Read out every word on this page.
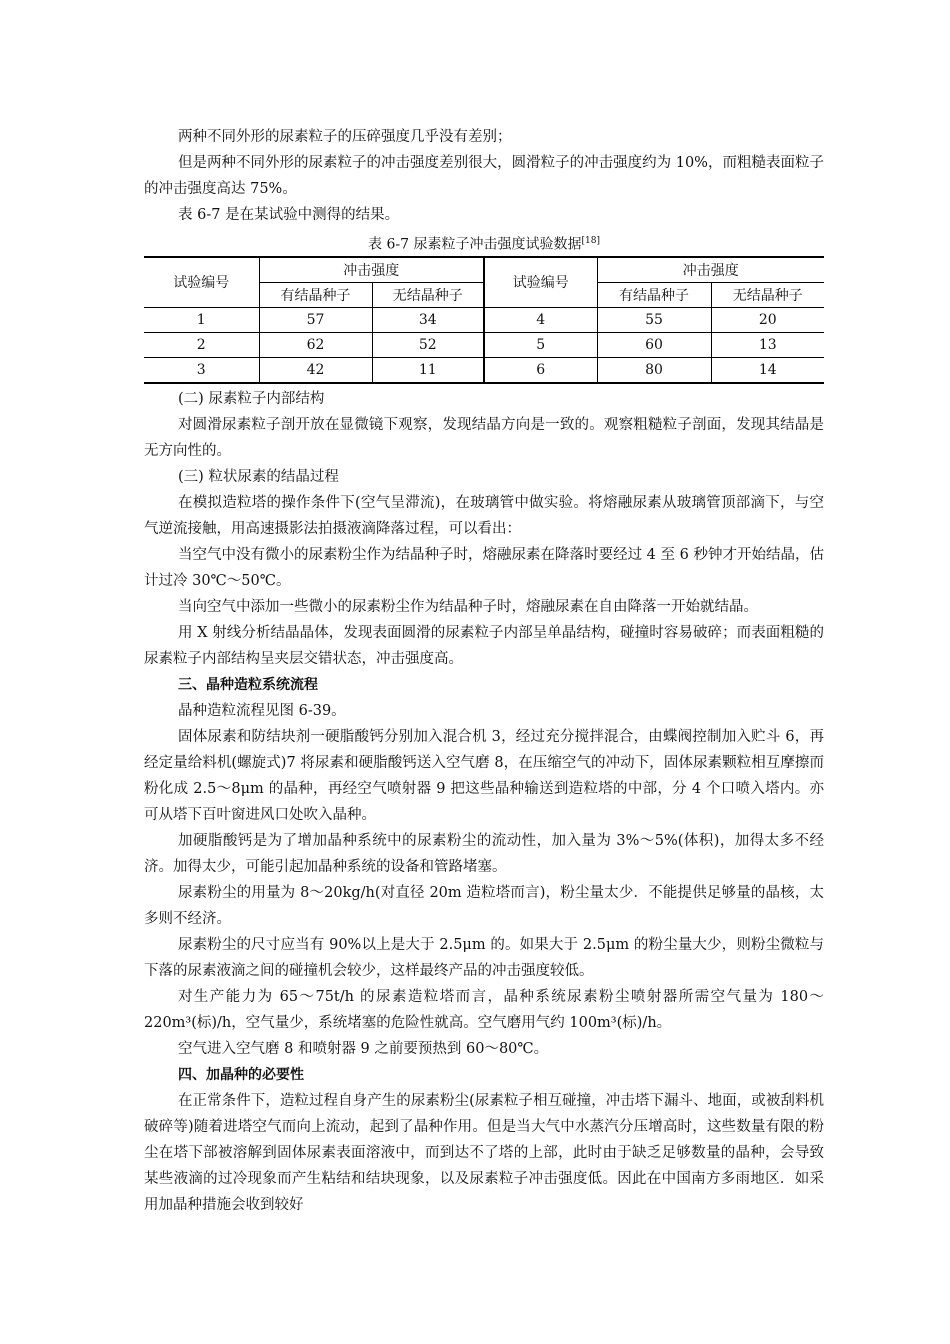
两种不同外形的尿素粒子的压碎强度几乎没有差别；

但是两种不同外形的尿素粒子的冲击强度差别很大，圆滑粒子的冲击强度约为 10%，而粗糙表面粒子的冲击强度高达 75%。

表 6-7 是在某试验中测得的结果。

表 6-7 尿素粒子冲击强度试验数据[18]
试验编号	冲击强度		试验编号	冲击强度	
	有结晶种子	无结晶种子		有结晶种子	无结晶种子
1	57	34	4	55	20
2	62	52	5	60	13
3	42	11	6	80	14

(二) 尿素粒子内部结构

对圆滑尿素粒子剖开放在显微镜下观察，发现结晶方向是一致的。观察粗糙粒子剖面，发现其结晶是无方向性的。

(三) 粒状尿素的结晶过程

在模拟造粒塔的操作条件下(空气呈滞流)，在玻璃管中做实验。将熔融尿素从玻璃管顶部滴下，与空气逆流接触，用高速摄影法拍摄液滴降落过程，可以看出：

当空气中没有微小的尿素粉尘作为结晶种子时，熔融尿素在降落时要经过 4 至 6 秒钟才开始结晶，估计过冷 30℃～50℃。

当向空气中添加一些微小的尿素粉尘作为结晶种子时，熔融尿素在自由降落一开始就结晶。

用 X 射线分析结晶晶体，发现表面圆滑的尿素粒子内部呈单晶结构，碰撞时容易破碎；而表面粗糙的尿素粒子内部结构呈夹层交错状态，冲击强度高。

三、晶种造粒系统流程

晶种造粒流程见图 6-39。

固体尿素和防结块剂一硬脂酸钙分别加入混合机 3，经过充分搅拌混合，由蝶阀控制加入贮斗 6，再经定量给料机(螺旋式)7 将尿素和硬脂酸钙送入空气磨 8，在压缩空气的冲动下，固体尿素颗粒相互摩擦而粉化成 2.5～8μm 的晶种，再经空气喷射器 9 把这些晶种输送到造粒塔的中部，分 4 个口喷入塔内。亦可从塔下百叶窗进风口处吹入晶种。

加硬脂酸钙是为了增加晶种系统中的尿素粉尘的流动性，加入量为 3%～5%(体积)，加得太多不经济。加得太少，可能引起加晶种系统的设备和管路堵塞。

尿素粉尘的用量为 8～20kg/h(对直径 20m 造粒塔而言)，粉尘量太少．不能提供足够量的晶核，太多则不经济。

尿素粉尘的尺寸应当有 90%以上是大于 2.5μm 的。如果大于 2.5μm 的粉尘量大少，则粉尘微粒与下落的尿素液滴之间的碰撞机会较少，这样最终产品的冲击强度较低。

对生产能力为 65～75t/h 的尿素造粒塔而言，晶种系统尿素粉尘喷射器所需空气量为 180～220m³(标)/h，空气量少，系统堵塞的危险性就高。空气磨用气约 100m³(标)/h。

空气进入空气磨 8 和喷射器 9 之前要预热到 60～80℃。

四、加晶种的必要性

在正常条件下，造粒过程自身产生的尿素粉尘(尿素粒子相互碰撞，冲击塔下漏斗、地面，或被刮料机破碎等)随着进塔空气而向上流动，起到了晶种作用。但是当大气中水蒸汽分压增高时，这些数量有限的粉尘在塔下部被溶解到固体尿素表面溶液中，而到达不了塔的上部，此时由于缺乏足够数量的晶种，会导致某些液滴的过冷现象而产生粘结和结块现象，以及尿素粒子冲击强度低。因此在中国南方多雨地区．如采用加晶种措施会收到较好
